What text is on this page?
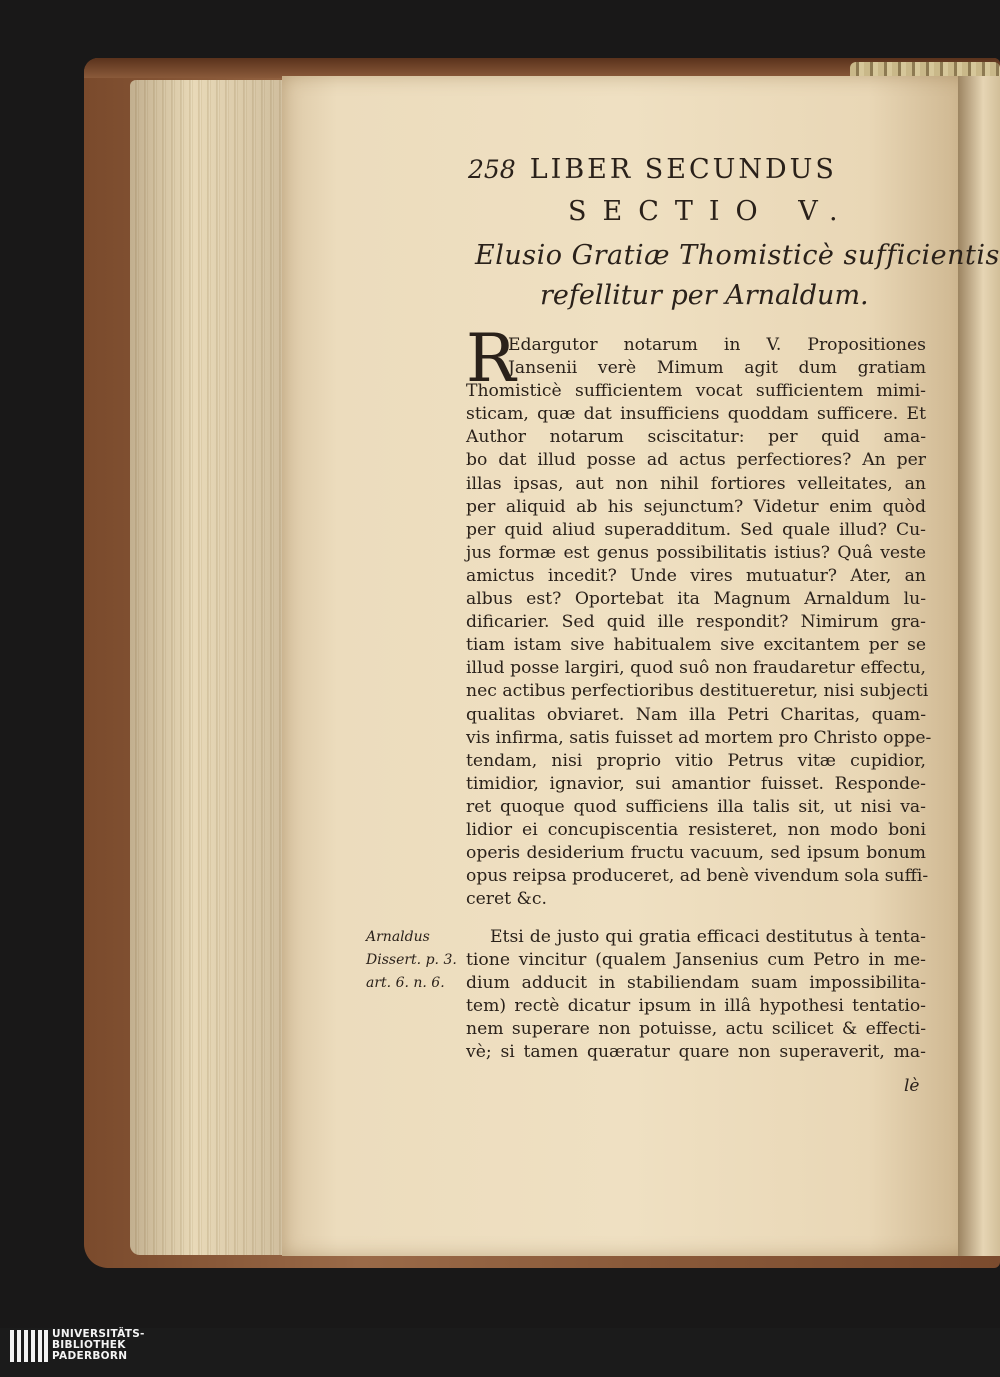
258 LIBER SECUNDUS
SECTIO V.
Elusio Gratiæ Thomisticè sufficientis
refellitur per Arnaldum.
R
Edargutor notarum in V. Propositiones
Jansenii verè Mimum agit dum gratiam
Thomisticè sufficientem vocat sufficientem mimi-
sticam, quæ dat insufficiens quoddam sufficere. Et
Author notarum sciscitatur: per quid ama-
bo dat illud posse ad actus perfectiores? An per
illas ipsas, aut non nihil fortiores velleitates, an
per aliquid ab his sejunctum? Videtur enim quòd
per quid aliud superadditum. Sed quale illud? Cu-
jus formæ est genus possibilitatis istius? Quâ veste
amictus incedit? Unde vires mutuatur? Ater, an
albus est? Oportebat ita Magnum Arnaldum lu-
dificarier. Sed quid ille respondit? Nimirum gra-
tiam istam sive habitualem sive excitantem per se
illud posse largiri, quod suô non fraudaretur effectu,
nec actibus perfectioribus destitueretur, nisi subjecti
qualitas obviaret. Nam illa Petri Charitas, quam-
vis infirma, satis fuisset ad mortem pro Christo oppe-
tendam, nisi proprio vitio Petrus vitæ cupidior,
timidior, ignavior, sui amantior fuisset. Responde-
ret quoque quod sufficiens illa talis sit, ut nisi va-
lidior ei concupiscentia resisteret, non modo boni
operis desiderium fructu vacuum, sed ipsum bonum
opus reipsa produceret, ad benè vivendum sola suffi-
ceret &c.
Arnaldus
Dissert. p. 3.
art. 6. n. 6.
Etsi de justo qui gratia efficaci destitutus à tenta-
tione vincitur (qualem Jansenius cum Petro in me-
dium adducit in stabiliendam suam impossibilita-
tem) rectè dicatur ipsum in illâ hypothesi tentatio-
nem superare non potuisse, actu scilicet & effecti-
vè; si tamen quæratur quare non superaverit, ma-
lè
UNIVERSITÄTS-
BIBLIOTHEK
PADERBORN
